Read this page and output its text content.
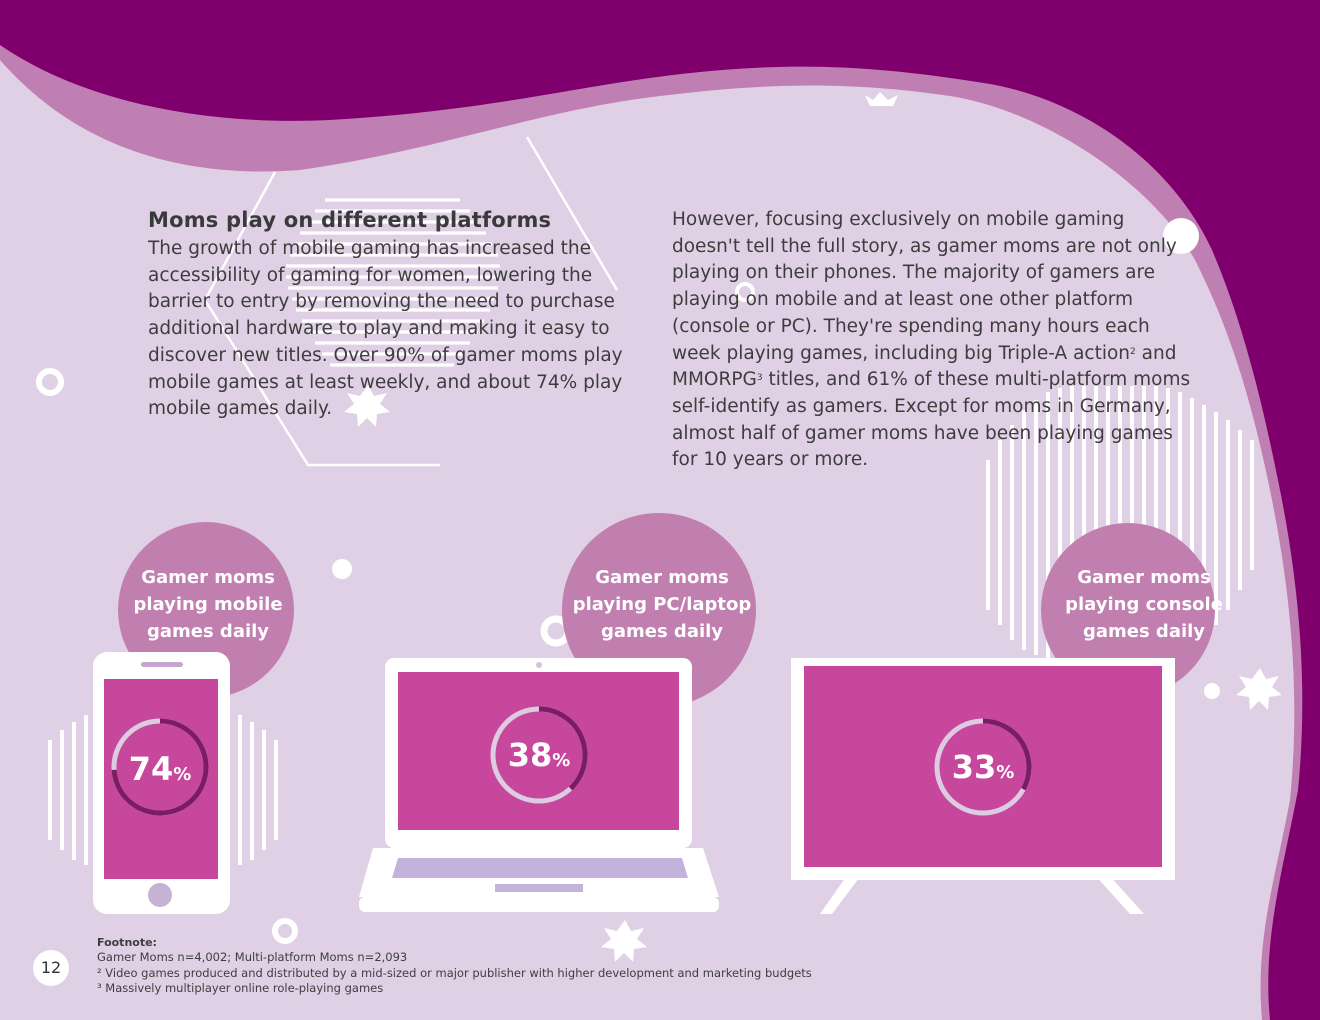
Moms play on different platforms

The growth of mobile gaming has increased the accessibility of gaming for women, lowering the barrier to entry by removing the need to purchase additional hardware to play and making it easy to discover new titles. Over 90% of gamer moms play mobile games at least weekly, and about 74% play mobile games daily.

However, focusing exclusively on mobile gaming doesn't tell the full story, as gamer moms are not only playing on their phones. The majority of gamers are playing on mobile and at least one other platform (console or PC). They're spending many hours each week playing games, including big Triple-A action$^2$ and MMORPG$^3$ titles, and 61% of these multi-platform moms self-identify as gamers. Except for moms in Germany, almost half of gamer moms have been playing games for 10 years or more.

Gamer moms playing mobile games daily
Gamer moms playing PC/laptop games daily
Gamer moms playing console games daily
74%
38%	33%
Footnote:
Gamer Moms n=4,002; Multi-platform Moms n=2,093
² Video games produced and distributed by a mid-sized or major publisher with higher development and marketing budgets
³ Massively multiplayer online role-playing games
12
